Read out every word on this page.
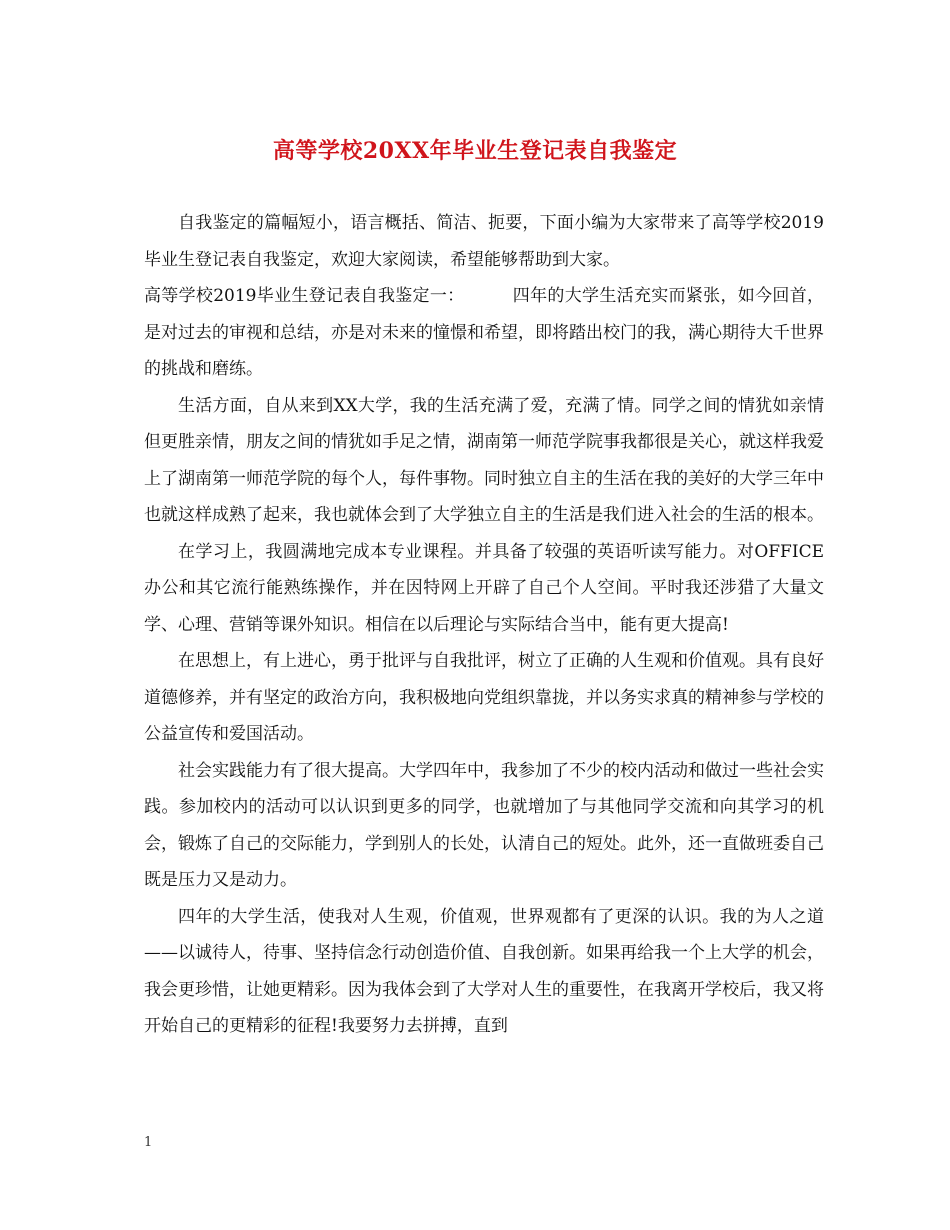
高等学校20XX年毕业生登记表自我鉴定

自我鉴定的篇幅短小，语言概括、简洁、扼要，下面小编为大家带来了高等学校2019毕业生登记表自我鉴定，欢迎大家阅读，希望能够帮助到大家。

高等学校2019毕业生登记表自我鉴定一：	四年的大学生活充实而紧张，如今回首，是对过去的审视和总结，亦是对未来的憧憬和希望，即将踏出校门的我，满心期待大千世界的挑战和磨练。

生活方面，自从来到XX大学，我的生活充满了爱，充满了情。同学之间的情犹如亲情但更胜亲情，朋友之间的情犹如手足之情，湖南第一师范学院事我都很是关心，就这样我爱上了湖南第一师范学院的每个人，每件事物。同时独立自主的生活在我的美好的大学三年中也就这样成熟了起来，我也就体会到了大学独立自主的生活是我们进入社会的生活的根本。

在学习上，我圆满地完成本专业课程。并具备了较强的英语听读写能力。对OFFICE办公和其它流行能熟练操作，并在因特网上开辟了自己个人空间。平时我还涉猎了大量文学、心理、营销等课外知识。相信在以后理论与实际结合当中，能有更大提高!

在思想上，有上进心，勇于批评与自我批评，树立了正确的人生观和价值观。具有良好道德修养，并有坚定的政治方向，我积极地向党组织靠拢，并以务实求真的精神参与学校的公益宣传和爱国活动。

社会实践能力有了很大提高。大学四年中，我参加了不少的校内活动和做过一些社会实践。参加校内的活动可以认识到更多的同学，也就增加了与其他同学交流和向其学习的机会，锻炼了自己的交际能力，学到别人的长处，认清自己的短处。此外，还一直做班委自己既是压力又是动力。

四年的大学生活，使我对人生观，价值观，世界观都有了更深的认识。我的为人之道——以诚待人，待事、坚持信念行动创造价值、自我创新。如果再给我一个上大学的机会，我会更珍惜，让她更精彩。因为我体会到了大学对人生的重要性，在我离开学校后，我又将开始自己的更精彩的征程!我要努力去拼搏，直到

1
